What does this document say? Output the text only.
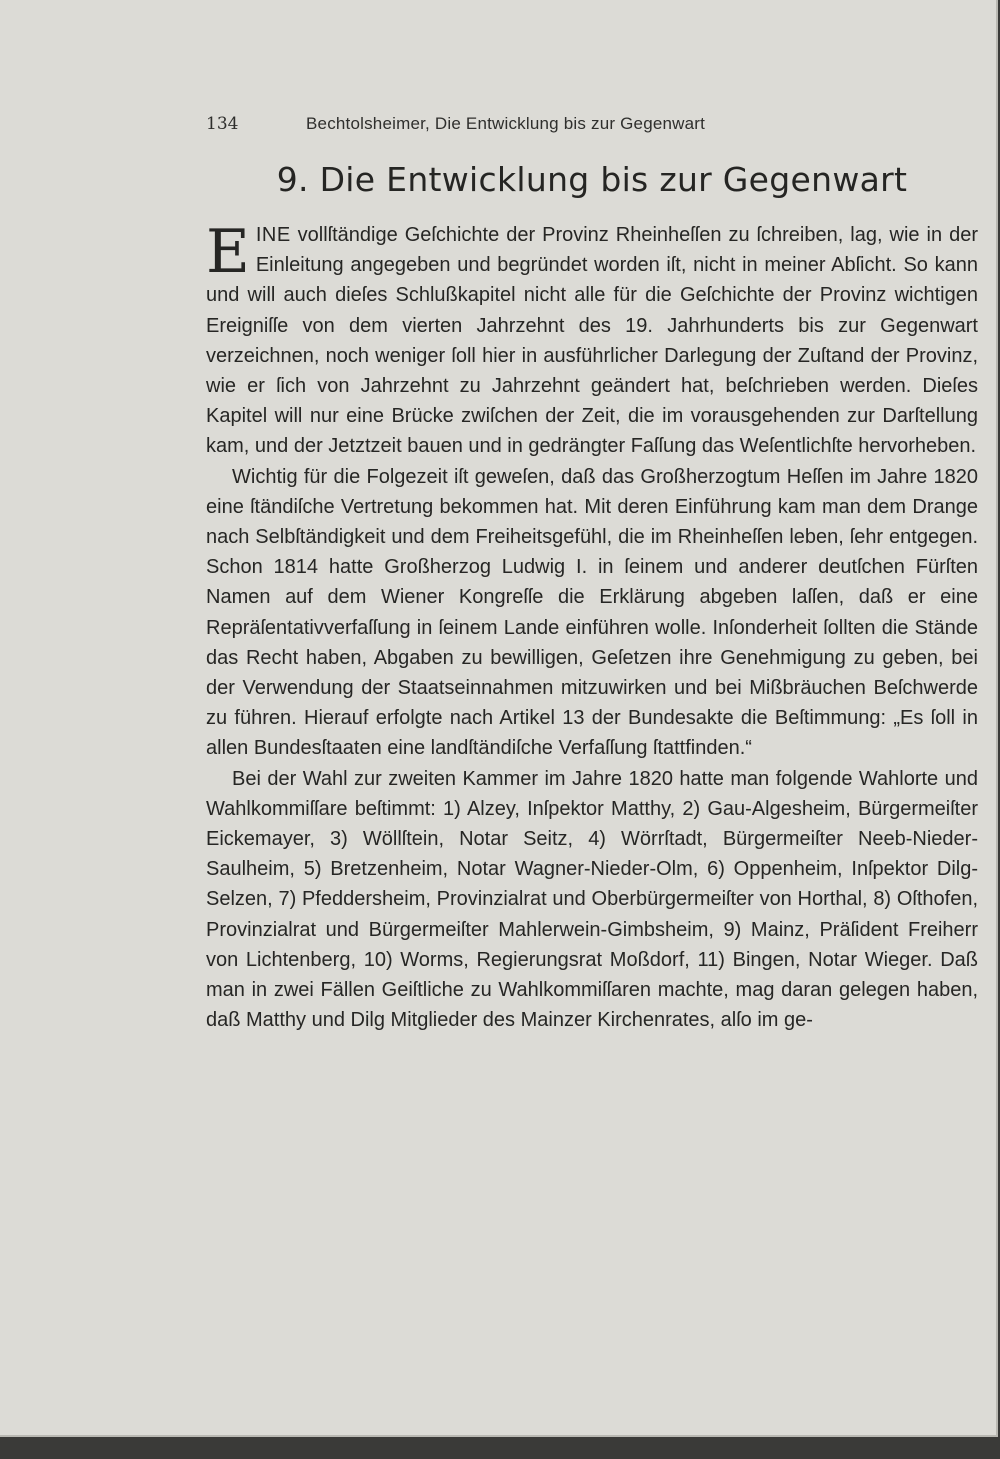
134	Bechtolsheimer, Die Entwicklung bis zur Gegenwart
9. Die Entwicklung bis zur Gegenwart

EINE vollſtändige Geſchichte der Provinz Rheinheſſen zu ſchreiben, lag, wie in der Einleitung angegeben und begründet worden iſt, nicht in meiner Abſicht. So kann und will auch dieſes Schlußkapitel nicht alle für die Geſchichte der Provinz wichtigen Ereigniſſe von dem vierten Jahrzehnt des 19. Jahrhunderts bis zur Gegenwart verzeichnen, noch weniger ſoll hier in ausführlicher Darlegung der Zuſtand der Provinz, wie er ſich von Jahrzehnt zu Jahrzehnt geändert hat, beſchrieben werden. Dieſes Kapitel will nur eine Brücke zwiſchen der Zeit, die im vorausgehenden zur Darſtellung kam, und der Jetztzeit bauen und in gedrängter Faſſung das Weſentlichſte hervorheben.

Wichtig für die Folgezeit iſt geweſen, daß das Großherzogtum Heſſen im Jahre 1820 eine ſtändiſche Vertretung bekommen hat. Mit deren Einführung kam man dem Drange nach Selbſtändigkeit und dem Freiheitsgefühl, die im Rheinheſſen leben, ſehr entgegen. Schon 1814 hatte Großherzog Ludwig I. in ſeinem und anderer deutſchen Fürſten Namen auf dem Wiener Kongreſſe die Erklärung abgeben laſſen, daß er eine Repräſentativverfaſſung in ſeinem Lande einführen wolle. Inſonderheit ſollten die Stände das Recht haben, Abgaben zu bewilligen, Geſetzen ihre Genehmigung zu geben, bei der Verwendung der Staatseinnahmen mitzuwirken und bei Mißbräuchen Beſchwerde zu führen. Hierauf erfolgte nach Artikel 13 der Bundesakte die Beſtimmung: „Es ſoll in allen Bundesſtaaten eine landſtändiſche Verfaſſung ſtattfinden.“

Bei der Wahl zur zweiten Kammer im Jahre 1820 hatte man folgende Wahlorte und Wahlkommiſſare beſtimmt: 1) Alzey, Inſpektor Matthy, 2) Gau-Algesheim, Bürgermeiſter Eickemayer, 3) Wöllſtein, Notar Seitz, 4) Wörrſtadt, Bürgermeiſter Neeb-Nieder-Saulheim, 5) Bretzenheim, Notar Wagner-Nieder-Olm, 6) Oppenheim, Inſpektor Dilg-Selzen, 7) Pfeddersheim, Provinzialrat und Oberbürgermeiſter von Horthal, 8) Oſthofen, Provinzialrat und Bürgermeiſter Mahlerwein-Gimbsheim, 9) Mainz, Präſident Freiherr von Lichtenberg, 10) Worms, Regierungsrat Moßdorf, 11) Bingen, Notar Wieger. Daß man in zwei Fällen Geiſtliche zu Wahlkommiſſaren machte, mag daran gelegen haben, daß Matthy und Dilg Mitglieder des Mainzer Kirchenrates, alſo im ge-
